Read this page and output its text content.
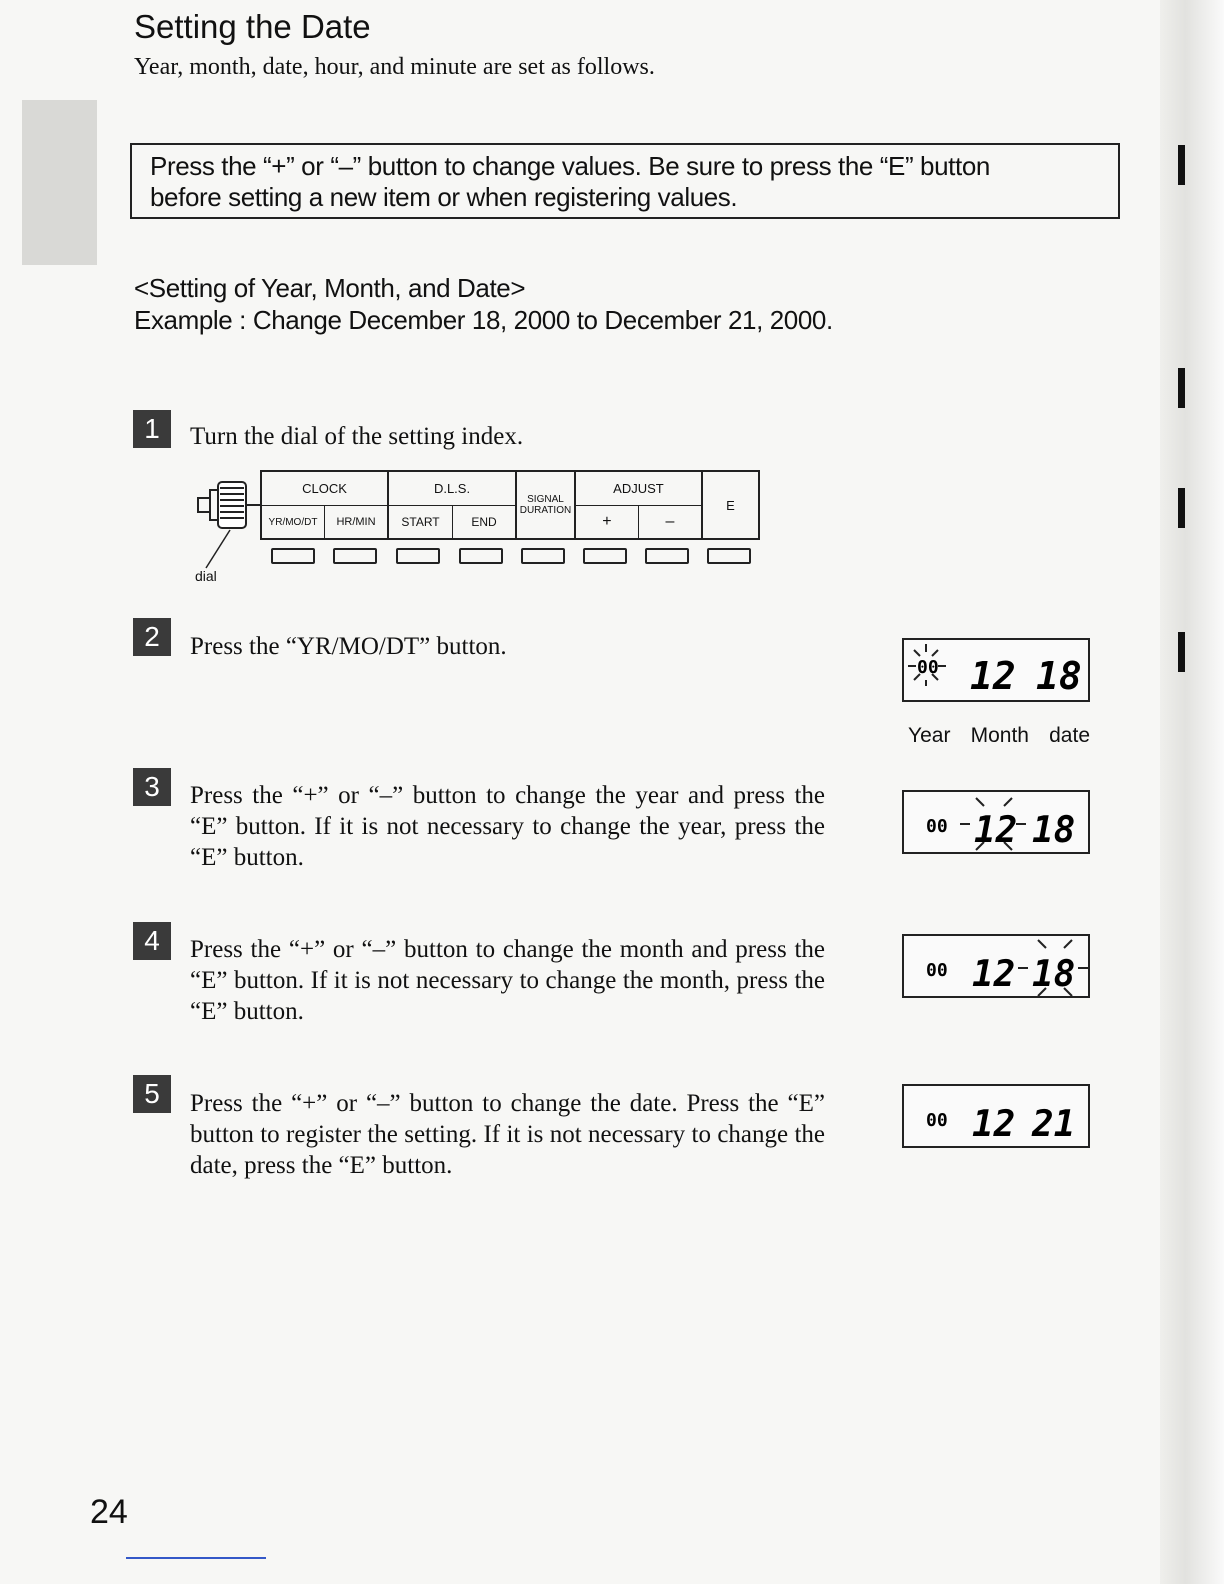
Setting the Date
Year, month, date, hour, and minute are set as follows.
Press the “+” or “–” button to change values. Be sure to press the “E” button
before setting a new item or when registering values.
<Setting of Year, Month, and Date>
Example : Change December 18, 2000 to December 21, 2000.
1	Turn the dial of the setting index.
dial
CLOCK
YR/MO/DT	HR/MIN
D.L.S.
START	END
SIGNAL
DURATION
ADJUST
+	–
E
2	Press the “YR/MO/DT” button.
00 12 18
Year Month date
3	Press the “+” or “–” button to change the year and press the “E” button. If it is not necessary to change the year, press the “E” button.
00 12 18
4	Press the “+” or “–” button to change the month and press the “E” button. If it is not necessary to change the month, press the “E” button.
00 12 18
5	Press the “+” or “–” button to change the date. Press the “E” button to register the setting. If it is not necessary to change the date, press the “E” button.
00 12 21
24
